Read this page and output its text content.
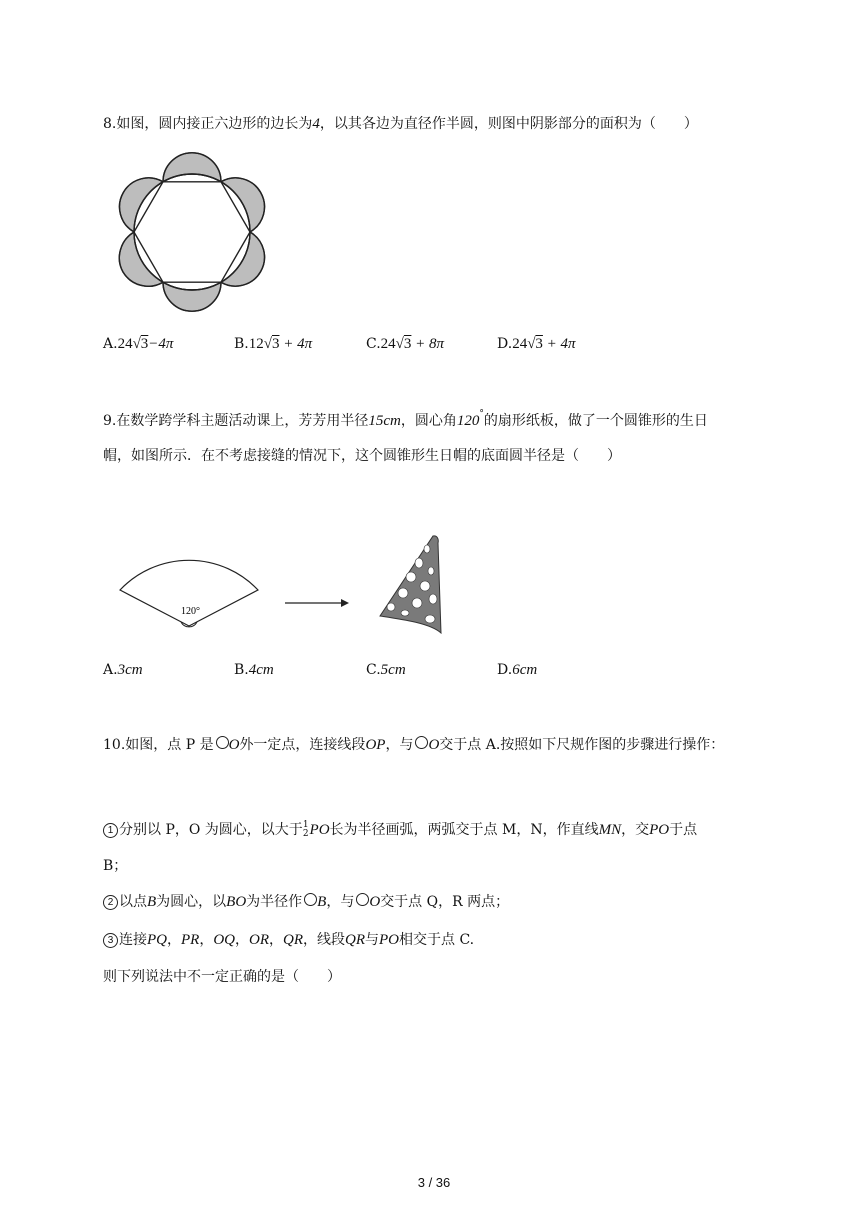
8.如图，圆内接正六边形的边长为4，以其各边为直径作半圆，则图中阴影部分的面积为（　　）
A.24√3−4π	B.12√3 + 4π	C.24√3 + 8π	D.24√3 + 4π
9.在数学跨学科主题活动课上，芳芳用半径15cm，圆心角120°的扇形纸板，做了一个圆锥形的生日
帽，如图所示．在不考虑接缝的情况下，这个圆锥形生日帽的底面圆半径是（　　）
120°
A.3cm	B.4cm	C.5cm	D.6cm
10.如图，点 P 是 O外一定点，连接线段OP，与 O交于点 A.按照如下尺规作图的步骤进行操作：
1 分别以 P，O 为圆心，以大于 1
2 PO长为半径画弧，两弧交于点 M，N，作直线MN，交PO于点
B；
2 以点B为圆心，以BO为半径作 B，与 O交于点 Q，R 两点；
3 连接PQ，PR，OQ，OR，QR，线段QR与PO相交于点 C.
则下列说法中不一定正确的是（　　）
3 / 36
